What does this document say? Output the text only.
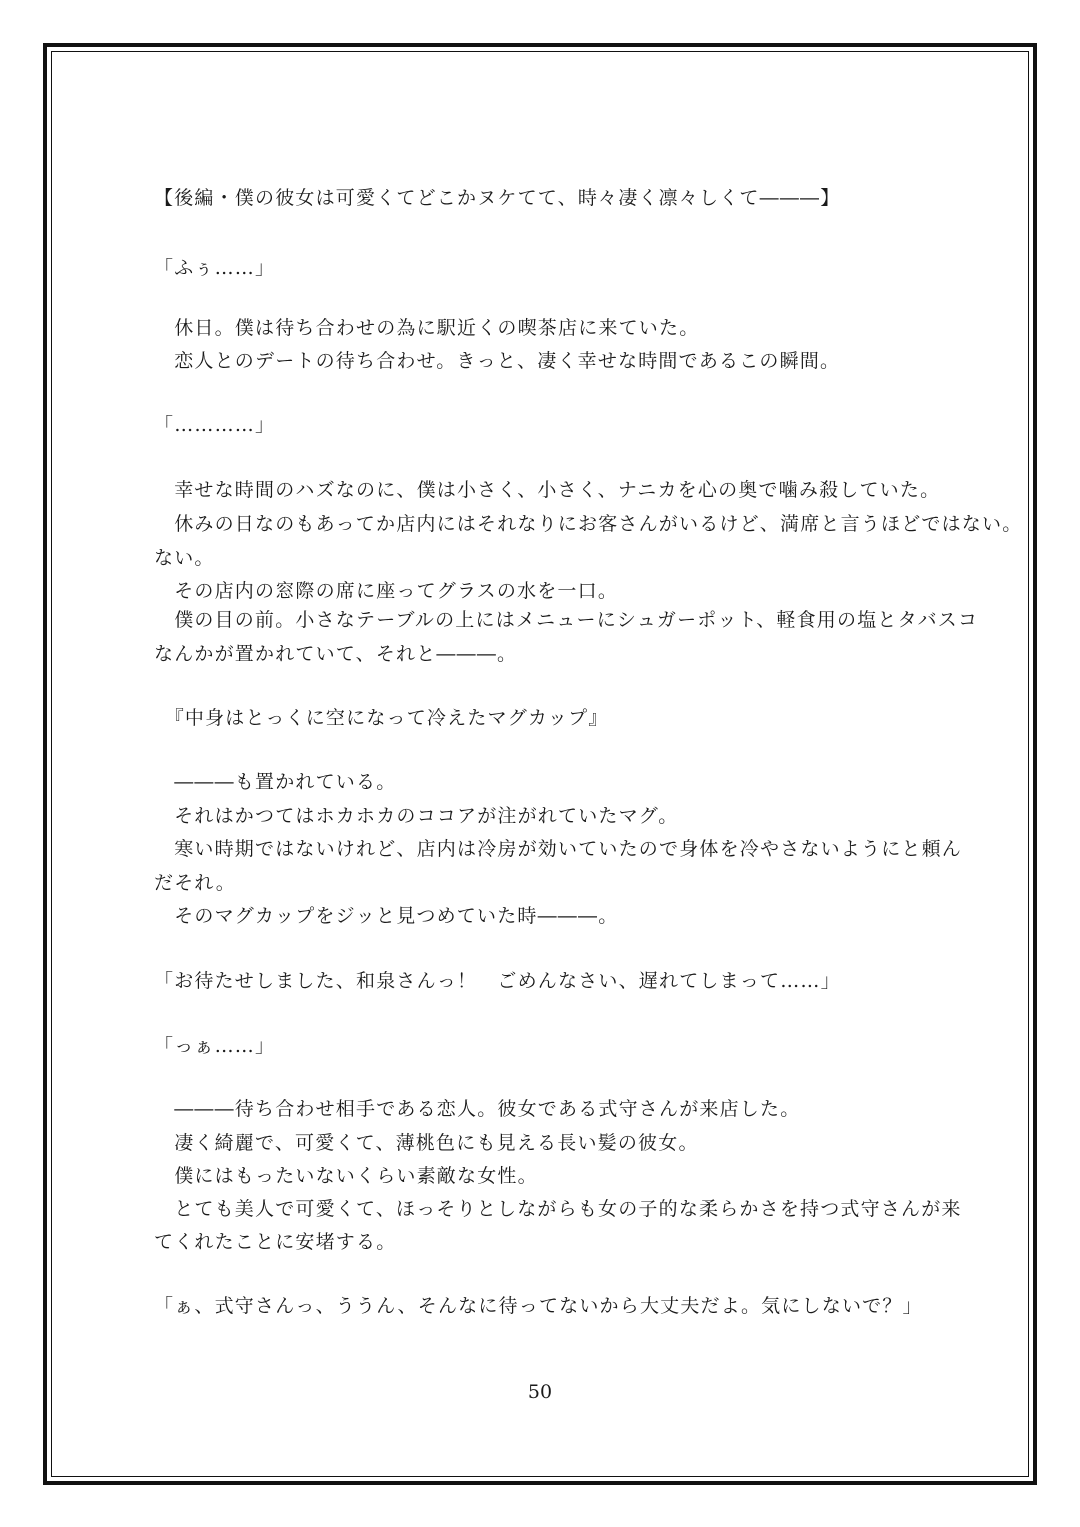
【後編・僕の彼女は可愛くてどこかヌケてて、時々凄く凛々しくて―――】
「ふぅ……」
　休日。僕は待ち合わせの為に駅近くの喫茶店に来ていた。
　恋人とのデートの待ち合わせ。きっと、凄く幸せな時間であるこの瞬間。
「…………」
　幸せな時間のハズなのに、僕は小さく、小さく、ナニカを心の奥で噛み殺していた。
　休みの日なのもあってか店内にはそれなりにお客さんがいるけど、満席と言うほどではない。
ない。
　その店内の窓際の席に座ってグラスの水を一口。
　僕の目の前。小さなテーブルの上にはメニューにシュガーポット、軽食用の塩とタバスコ
なんかが置かれていて、それと―――。
　『中身はとっくに空になって冷えたマグカップ』
　―――も置かれている。
　それはかつてはホカホカのココアが注がれていたマグ。
　寒い時期ではないけれど、店内は冷房が効いていたので身体を冷やさないようにと頼ん
だそれ。
　そのマグカップをジッと見つめていた時―――。
「お待たせしました、和泉さんっ！　ごめんなさい、遅れてしまって……」
「っぁ……」
　―――待ち合わせ相手である恋人。彼女である式守さんが来店した。
　凄く綺麗で、可愛くて、薄桃色にも見える長い髪の彼女。
　僕にはもったいないくらい素敵な女性。
　とても美人で可愛くて、ほっそりとしながらも女の子的な柔らかさを持つ式守さんが来
てくれたことに安堵する。
「ぁ、式守さんっ、ううん、そんなに待ってないから大丈夫だよ。気にしないで？」
50
